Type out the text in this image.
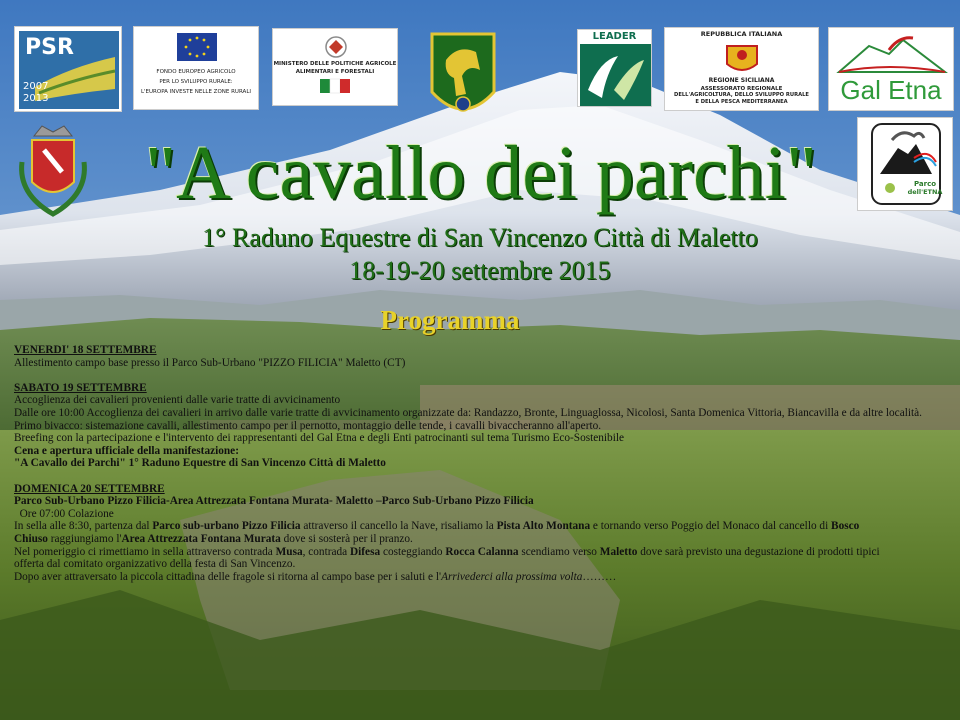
PSR
2007
2013
FONDO EUROPEO AGRICOLO
PER LO SVILUPPO RURALE:
L'EUROPA INVESTE NELLE ZONE RURALI
MINISTERO DELLE POLITICHE AGRICOLE
ALIMENTARI E FORESTALI
LEADER	REPUBBLICA ITALIANA
REGIONE SICILIANA
ASSESSORATO REGIONALE
DELL'AGRICOLTURA, DELLO SVILUPPO RURALE
E DELLA PESCA MEDITERRANEA	Gal Etna
Parco
dell'ETNA
"A cavallo dei parchi"
1° Raduno Equestre di San Vincenzo Città di Maletto
18-19-20 settembre 2015
Programma
VENERDI' 18 SETTEMBRE
Allestimento campo base presso il Parco Sub-Urbano "PIZZO FILICIA" Maletto (CT)
SABATO 19 SETTEMBRE
Accoglienza dei cavalieri provenienti dalle varie tratte di avvicinamento
Dalle ore 10:00 Accoglienza dei cavalieri in arrivo dalle varie tratte di avvicinamento organizzate da: Randazzo, Bronte, Linguaglossa, Nicolosi, Santa Domenica Vittoria, Biancavilla e da altre località.
Primo bivacco: sistemazione cavalli, allestimento campo per il pernotto, montaggio delle tende, i cavalli bivaccheranno all'aperto.
Breefing con la partecipazione e l'intervento dei rappresentanti del Gal Etna e degli Enti patrocinanti sul tema Turismo Eco-Sostenibile
Cena e apertura ufficiale della manifestazione:
"A Cavallo dei Parchi" 1° Raduno Equestre di San Vincenzo Città di Maletto
DOMENICA 20 SETTEMBRE
Parco Sub-Urbano Pizzo Filicia-Area Attrezzata Fontana Murata- Maletto –Parco Sub-Urbano Pizzo Filicia
Ore 07:00 Colazione
In sella alle 8:30, partenza dal Parco sub-urbano Pizzo Filicia attraverso il cancello la Nave, risaliamo la Pista Alto Montana e tornando verso Poggio del Monaco dal cancello di Bosco
Chiuso raggiungiamo l'Area Attrezzata Fontana Murata dove si sosterà per il pranzo.
Nel pomeriggio ci rimettiamo in sella attraverso contrada Musa, contrada Difesa costeggiando Rocca Calanna scendiamo verso Maletto dove sarà previsto una degustazione di prodotti tipici
offerta dal comitato organizzativo della festa di San Vincenzo.
Dopo aver attraversato la piccola cittadina delle fragole si ritorna al campo base per i saluti e l'Arrivederci alla prossima volta………
